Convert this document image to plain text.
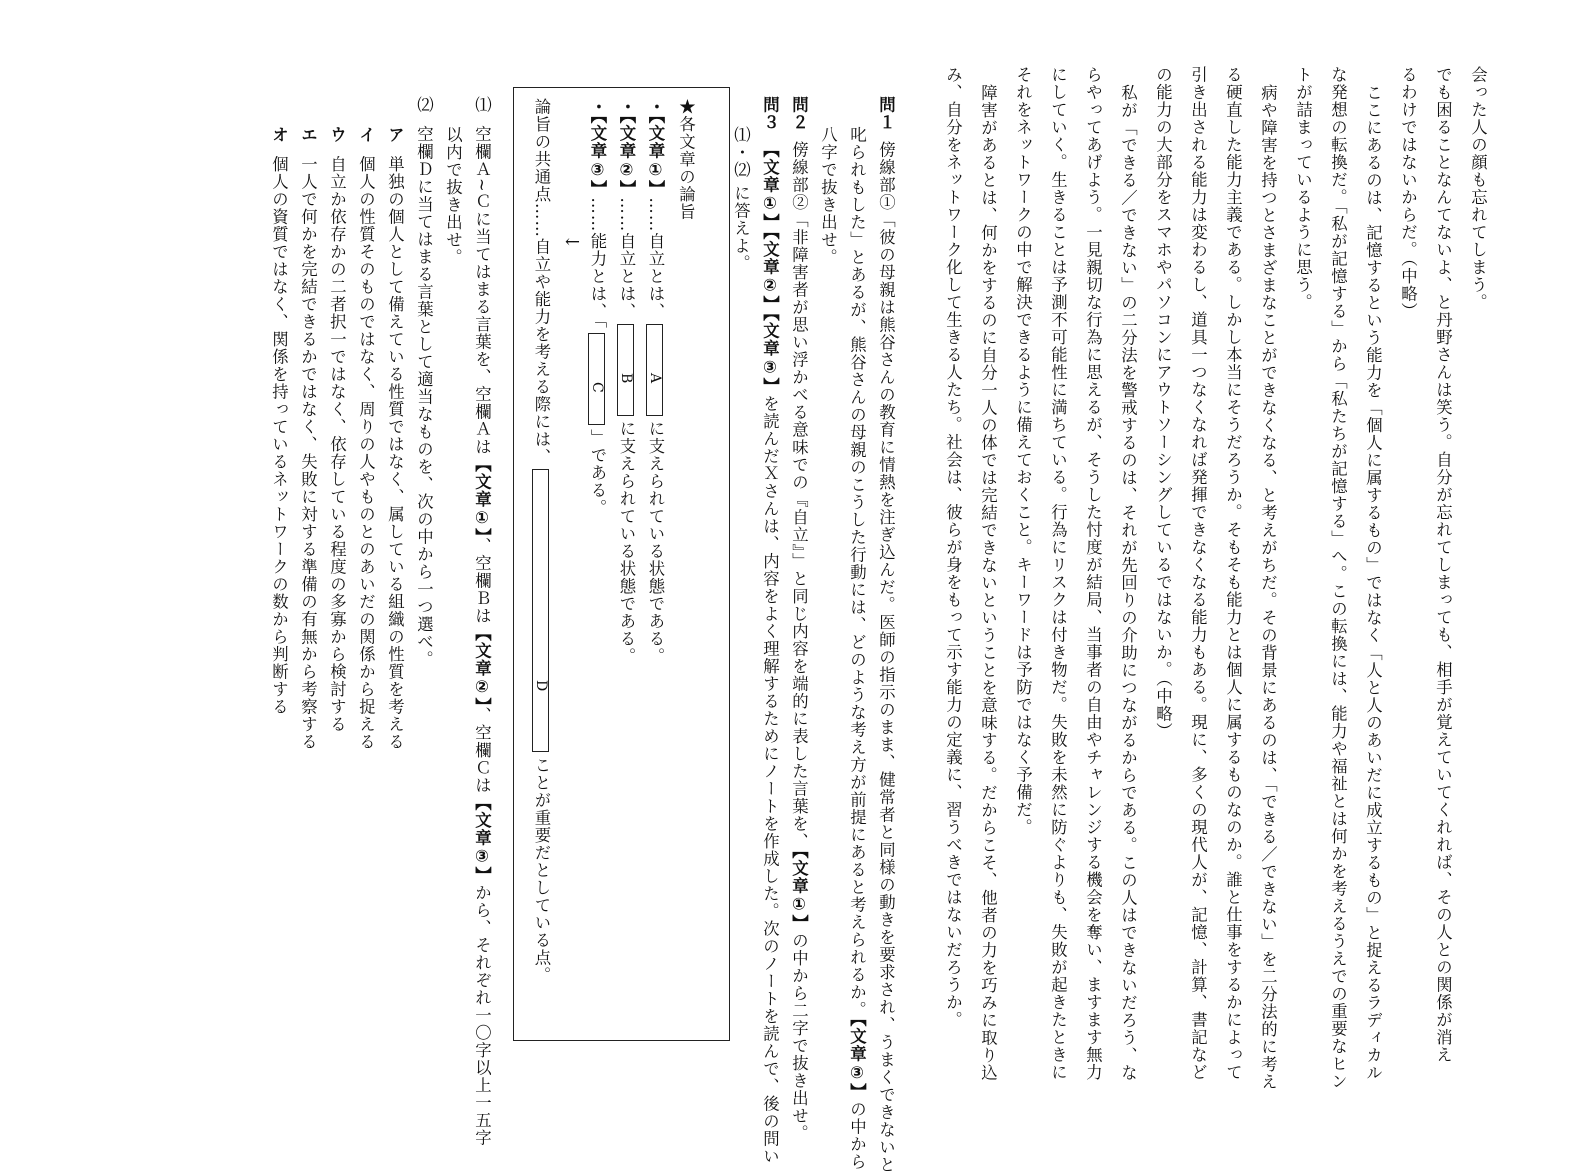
会った人の顔も忘れてしまう。
でも困ることなんてないよ、と丹野さんは笑う。自分が忘れてしまっても、相手が覚えていてくれれば、その人との関係が消え
るわけではないからだ。（中略）
ここにあるのは、記憶するという能力を「個人に属するもの」ではなく「人と人のあいだに成立するもの」と捉えるラディカル
な発想の転換だ。「私が記憶する」から「私たちが記憶する」へ。この転換には、能力や福祉とは何かを考えるうえでの重要なヒン
トが詰まっているように思う。
病や障害を持つとさまざまなことができなくなる、と考えがちだ。その背景にあるのは、「できる／できない」を二分法的に考え
る硬直した能力主義である。しかし本当にそうだろうか。そもそも能力とは個人に属するものなのか。誰と仕事をするかによって
引き出される能力は変わるし、道具一つなくなれば発揮できなくなる能力もある。現に、多くの現代人が、記憶、計算、書記など
の能力の大部分をスマホやパソコンにアウトソーシングしているではないか。（中略）
私が「できる／できない」の二分法を警戒するのは、それが先回りの介助につながるからである。この人はできないだろう、な
らやってあげよう。一見親切な行為に思えるが、そうした忖度が結局、当事者の自由やチャレンジする機会を奪い、ますます無力
にしていく。生きることは予測不可能性に満ちている。行為にリスクは付き物だ。失敗を未然に防ぐよりも、失敗が起きたときに
それをネットワークの中で解決できるように備えておくこと。キーワードは予防ではなく予備だ。
障害があるとは、何かをするのに自分一人の体では完結できないということを意味する。だからこそ、他者の力を巧みに取り込
み、自分をネットワーク化して生きる人たち。社会は、彼らが身をもって示す能力の定義に、習うべきではないだろうか。
問１傍線部①「彼の母親は熊谷さんの教育に情熱を注ぎ込んだ。医師の指示のまま、健常者と同様の動きを要求され、うまくできないと
叱られもした」とあるが、熊谷さんの母親のこうした行動には、どのような考え方が前提にあると考えられるか。【文章③】の中から
八字で抜き出せ。
問２傍線部②「非障害者が思い浮かべる意味での『自立』」と同じ内容を端的に表した言葉を、【文章①】の中から二字で抜き出せ。
問３【文章①】【文章②】【文章③】を読んだＸさんは、内容をよく理解するためにノートを作成した。次のノートを読んで、後の問い
⑴・⑵ に答えよ。
★各文章の論旨
・【文章①】……自立とは、Aに支えられている状態である。
・【文章②】……自立とは、Bに支えられている状態である。
・【文章③】……能力とは、「C」である。
↓
論旨の共通点……自立や能力を考える際には、Dことが重要だとしている点。
⑴空欄Ａ~Ｃに当てはまる言葉を、空欄Ａは【文章①】、空欄Ｂは【文章②】、空欄Ｃは【文章③】から、それぞれ一〇字以上一五字
以内で抜き出せ。
⑵空欄Ｄに当てはまる言葉として適当なものを、次の中から一つ選べ。
ア単独の個人として備えている性質ではなく、属している組織の性質を考える
イ個人の性質そのものではなく、周りの人やものとのあいだの関係から捉える
ウ自立か依存かの二者択一ではなく、依存している程度の多寡から検討する
エ一人で何かを完結できるかではなく、失敗に対する準備の有無から考察する
オ個人の資質ではなく、関係を持っているネットワークの数から判断する
